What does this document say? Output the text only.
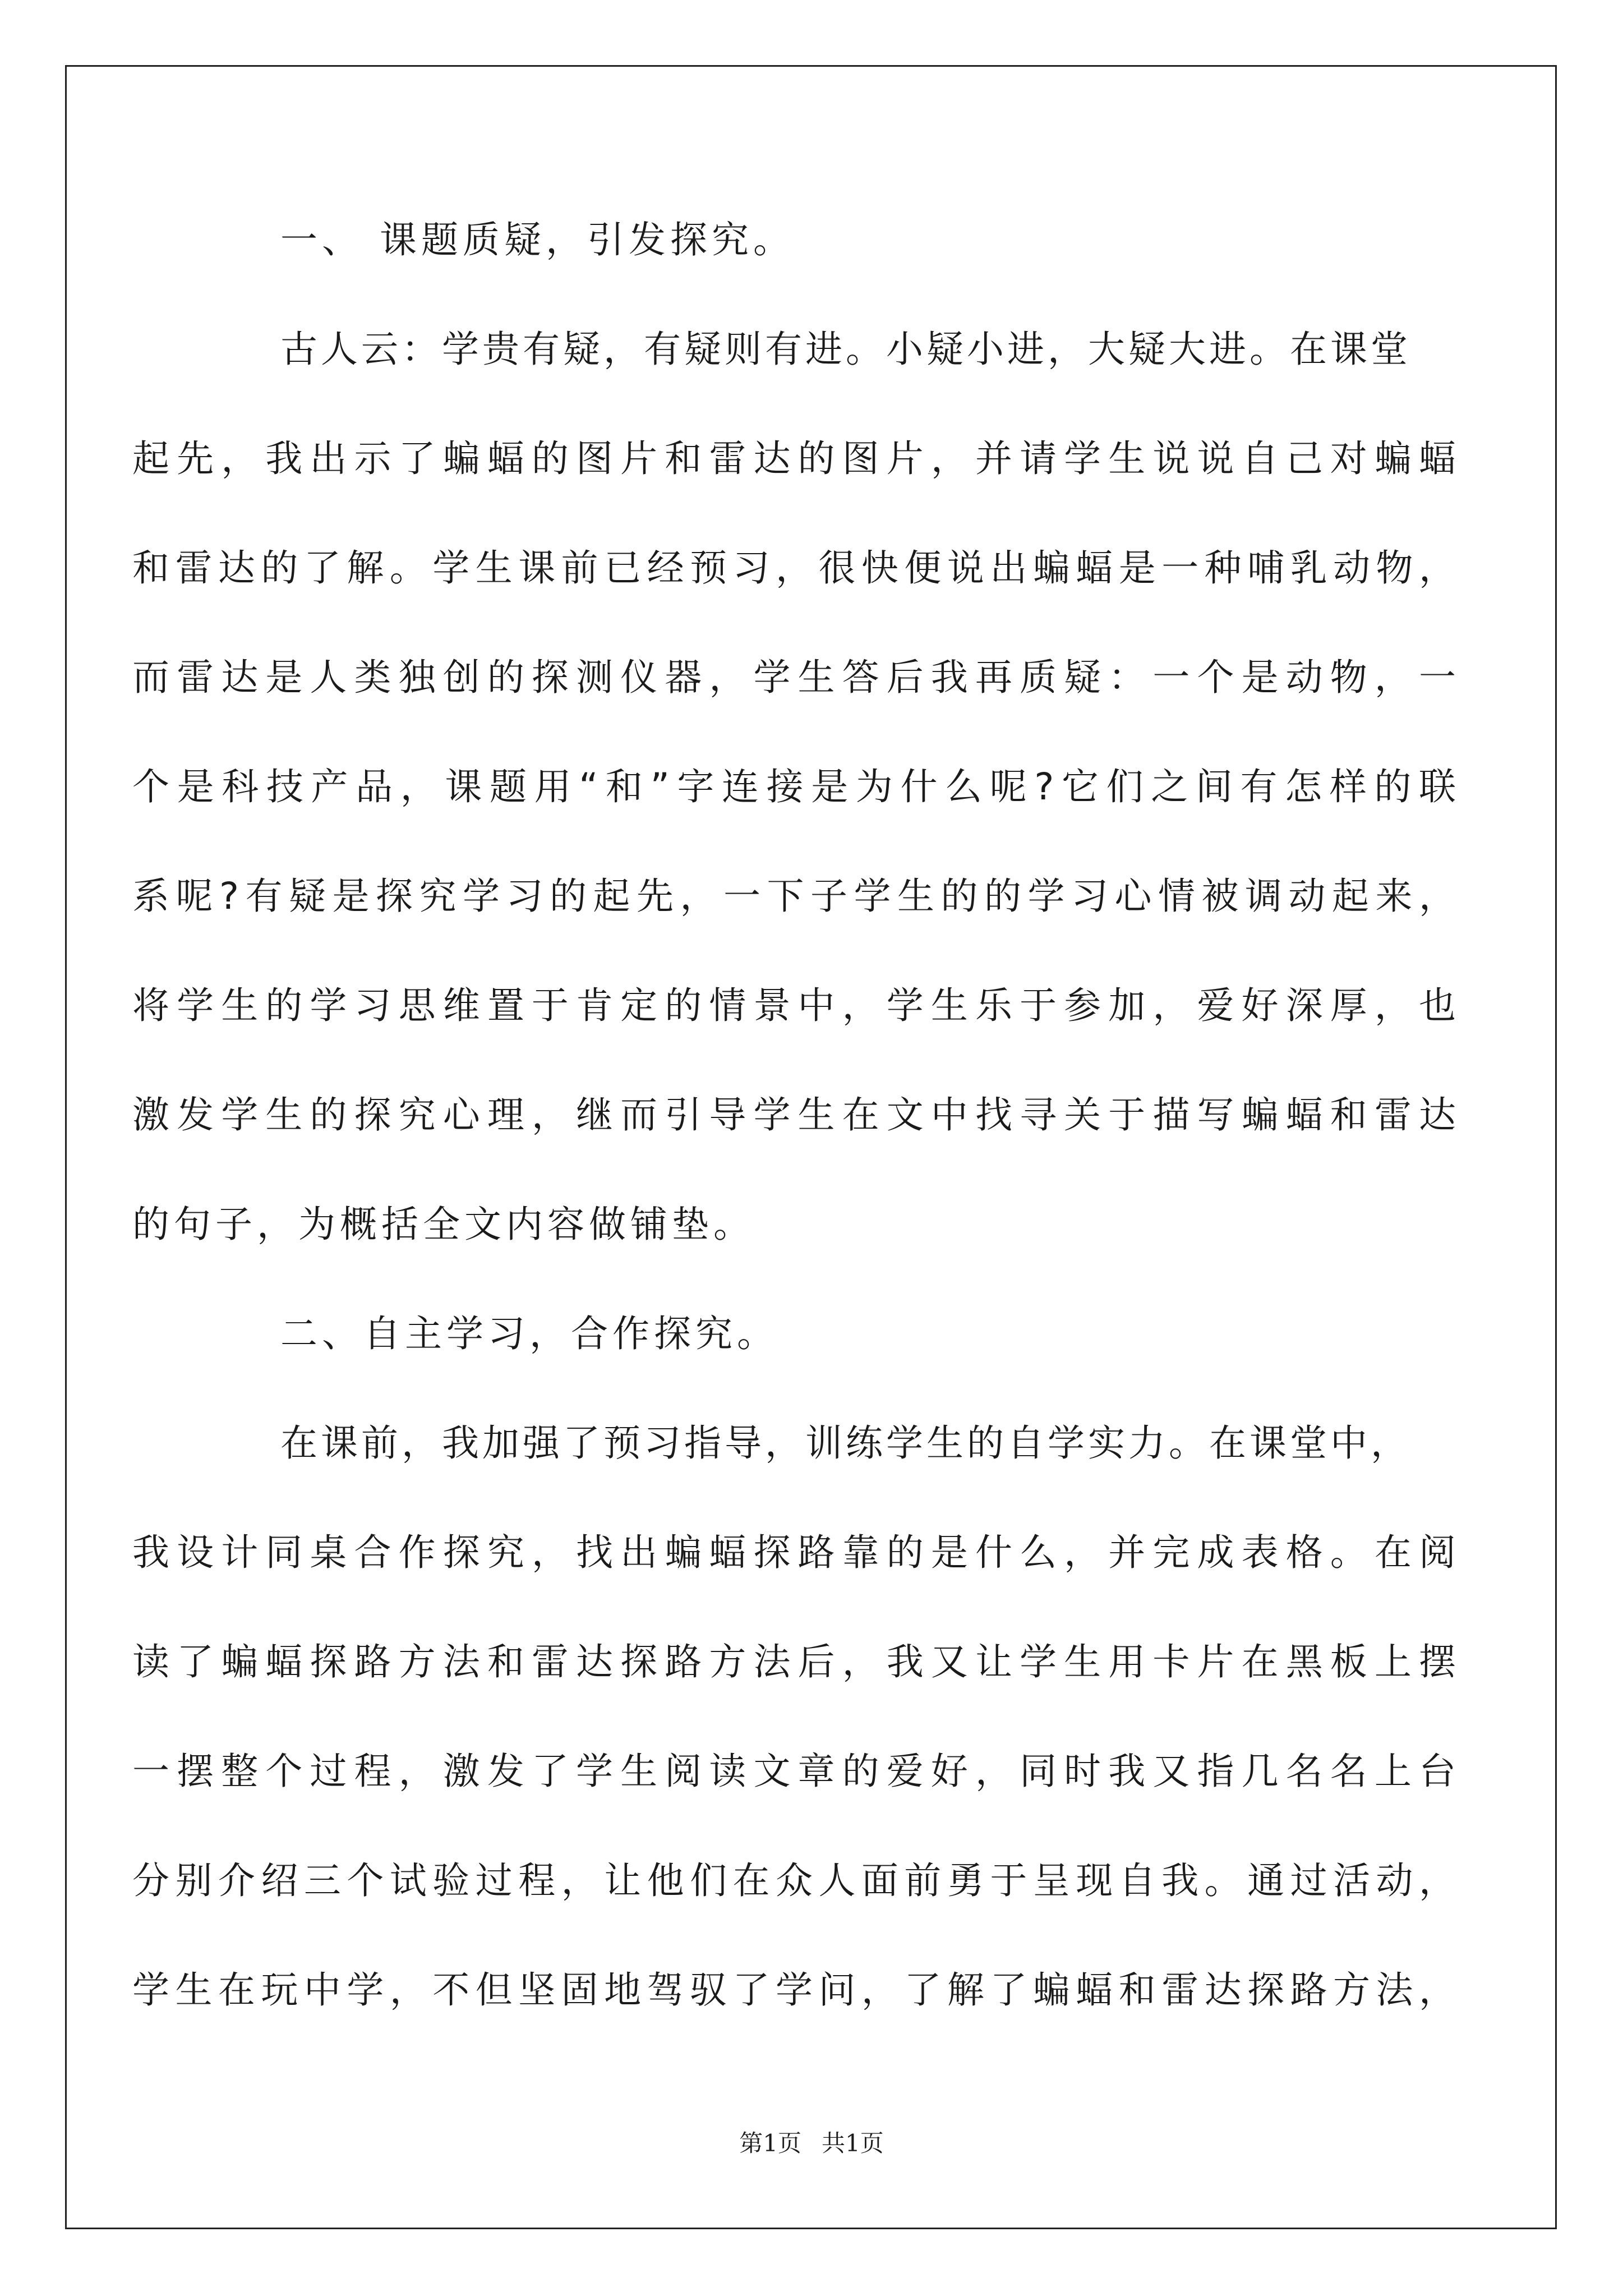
一、 课题质疑，引发探究。
古人云：学贵有疑，有疑则有进。小疑小进，大疑大进。在课堂
起先，我出示了蝙蝠的图片和雷达的图片，并请学生说说自己对蝙蝠
和雷达的了解。学生课前已经预习，很快便说出蝙蝠是一种哺乳动物，
而雷达是人类独创的探测仪器，学生答后我再质疑：一个是动物，一
个是科技产品，课题用“和”字连接是为什么呢?它们之间有怎样的联
系呢?有疑是探究学习的起先，一下子学生的的学习心情被调动起来，
将学生的学习思维置于肯定的情景中，学生乐于参加，爱好深厚，也
激发学生的探究心理，继而引导学生在文中找寻关于描写蝙蝠和雷达
的句子，为概括全文内容做铺垫。
二、自主学习，合作探究。
在课前，我加强了预习指导，训练学生的自学实力。在课堂中，
我设计同桌合作探究，找出蝙蝠探路靠的是什么，并完成表格。在阅
读了蝙蝠探路方法和雷达探路方法后，我又让学生用卡片在黑板上摆
一摆整个过程，激发了学生阅读文章的爱好，同时我又指几名名上台
分别介绍三个试验过程，让他们在众人面前勇于呈现自我。通过活动，
学生在玩中学，不但坚固地驾驭了学问，了解了蝙蝠和雷达探路方法，
第1页 共1页
